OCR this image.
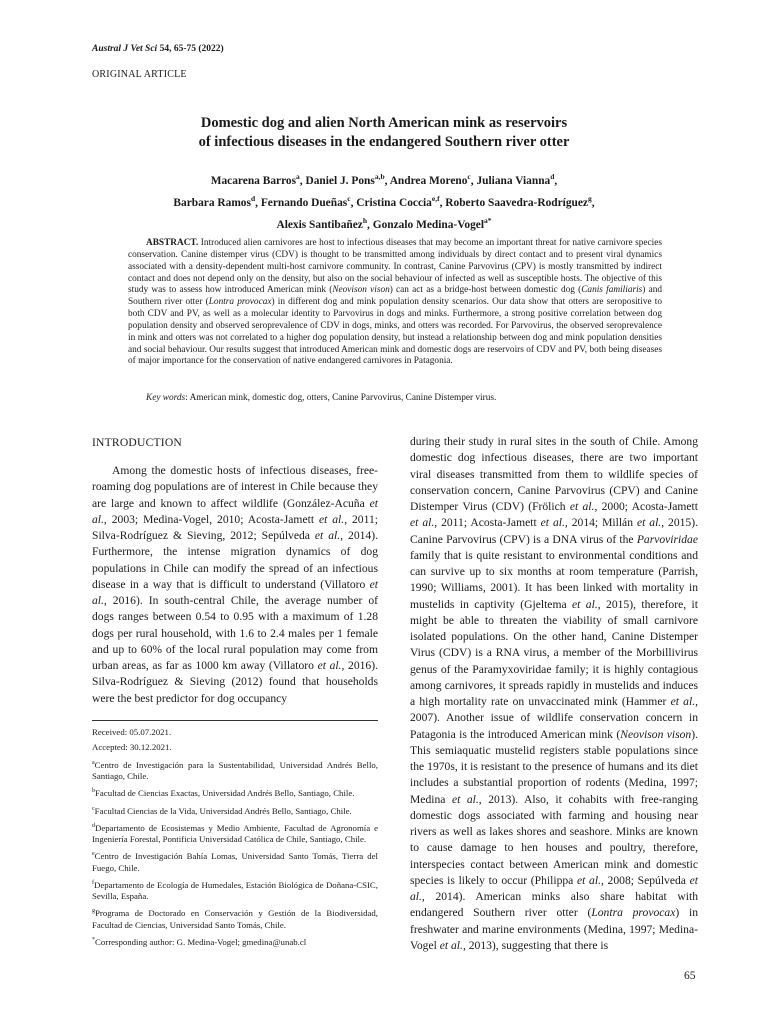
Austral J Vet Sci 54, 65-75 (2022)
ORIGINAL ARTICLE
Domestic dog and alien North American mink as reservoirs
of infectious diseases in the endangered Southern river otter
Macarena Barros$^a$, Daniel J. Pons$^{a,b}$, Andrea Moreno$^c$, Juliana Vianna$^d$,
Barbara Ramos$^d$, Fernando Dueñas$^c$, Cristina Coccia$^{e,f}$, Roberto Saavedra-Rodríguez$^g$,
Alexis Santibañez$^h$, Gonzalo Medina-Vogel$^{a*}$
ABSTRACT. Introduced alien carnivores are host to infectious diseases that may become an important threat for native carnivore species conservation. Canine distemper virus (CDV) is thought to be transmitted among individuals by direct contact and to present viral dynamics associated with a density-dependent multi-host carnivore community. In contrast, Canine Parvovirus (CPV) is mostly transmitted by indirect contact and does not depend only on the density, but also on the social behaviour of infected as well as susceptible hosts. The objective of this study was to assess how introduced American mink (Neovison vison) can act as a bridge-host between domestic dog (Canis familiaris) and Southern river otter (Lontra provocax) in different dog and mink population density scenarios. Our data show that otters are seropositive to both CDV and PV, as well as a molecular identity to Parvovirus in dogs and minks. Furthermore, a strong positive correlation between dog population density and observed seroprevalence of CDV in dogs, minks, and otters was recorded. For Parvovirus, the observed seroprevalence in mink and otters was not correlated to a higher dog population density, but instead a relationship between dog and mink population densities and social behaviour. Our results suggest that introduced American mink and domestic dogs are reservoirs of CDV and PV, both being diseases of major importance for the conservation of native endangered carnivores in Patagonia.
Key words: American mink, domestic dog, otters, Canine Parvovirus, Canine Distemper virus.
INTRODUCTION

Among the domestic hosts of infectious diseases, free-roaming dog populations are of interest in Chile because they are large and known to affect wildlife (González-Acuña et al., 2003; Medina-Vogel, 2010; Acosta-Jamett et al., 2011; Silva-Rodríguez & Sieving, 2012; Sepúlveda et al., 2014). Furthermore, the intense migration dynamics of dog populations in Chile can modify the spread of an infectious disease in a way that is difficult to understand (Villatoro et al., 2016). In south-central Chile, the average number of dogs ranges between 0.54 to 0.95 with a maximum of 1.28 dogs per rural household, with 1.6 to 2.4 males per 1 female and up to 60% of the local rural population may come from urban areas, as far as 1000 km away (Villatoro et al., 2016). Silva-Rodríguez & Sieving (2012) found that households were the best predictor for dog occupancy

during their study in rural sites in the south of Chile. Among domestic dog infectious diseases, there are two important viral diseases transmitted from them to wildlife species of conservation concern, Canine Parvovirus (CPV) and Canine Distemper Virus (CDV) (Frölich et al., 2000; Acosta-Jamett et al., 2011; Acosta-Jamett et al., 2014; Millán et al., 2015). Canine Parvovirus (CPV) is a DNA virus of the Parvoviridae family that is quite resistant to environmental conditions and can survive up to six months at room temperature (Parrish, 1990; Williams, 2001). It has been linked with mortality in mustelids in captivity (Gjeltema et al., 2015), therefore, it might be able to threaten the viability of small carnivore isolated populations. On the other hand, Canine Distemper Virus (CDV) is a RNA virus, a member of the Morbillivirus genus of the Paramyxoviridae family; it is highly contagious among carnivores, it spreads rapidly in mustelids and induces a high mortality rate on unvaccinated mink (Hammer et al., 2007). Another issue of wildlife conservation concern in Patagonia is the introduced American mink (Neovison vison). This semiaquatic mustelid registers stable populations since the 1970s, it is resistant to the presence of humans and its diet includes a substantial proportion of rodents (Medina, 1997; Medina et al., 2013). Also, it cohabits with free-ranging domestic dogs associated with farming and housing near rivers as well as lakes shores and seashore. Minks are known to cause damage to hen houses and poultry, therefore, interspecies contact between American mink and domestic species is likely to occur (Philippa et al., 2008; Sepúlveda et al., 2014). American minks also share habitat with endangered Southern river otter (Lontra provocax) in freshwater and marine environments (Medina, 1997; Medina-Vogel et al., 2013), suggesting that there is

Received: 05.07.2021.

Accepted: 30.12.2021.

$^a$Centro de Investigación para la Sustentabilidad, Universidad Andrés Bello, Santiago, Chile.

$^b$Facultad de Ciencias Exactas, Universidad Andrés Bello, Santiago, Chile.

$^c$Facultad Ciencias de la Vida, Universidad Andrés Bello, Santiago, Chile.

$^d$Departamento de Ecosistemas y Medio Ambiente, Facultad de Agronomía e Ingeniería Forestal, Pontificia Universidad Católica de Chile, Santiago, Chile.

$^e$Centro de Investigación Bahía Lomas, Universidad Santo Tomás, Tierra del Fuego, Chile.

$^f$Departamento de Ecología de Humedales, Estación Biológica de Doñana-CSIC, Sevilla, España.

$^g$Programa de Doctorado en Conservación y Gestión de la Biodiversidad, Facultad de Ciencias, Universidad Santo Tomás, Chile.

*Corresponding author: G. Medina-Vogel; gmedina@unab.cl

65
